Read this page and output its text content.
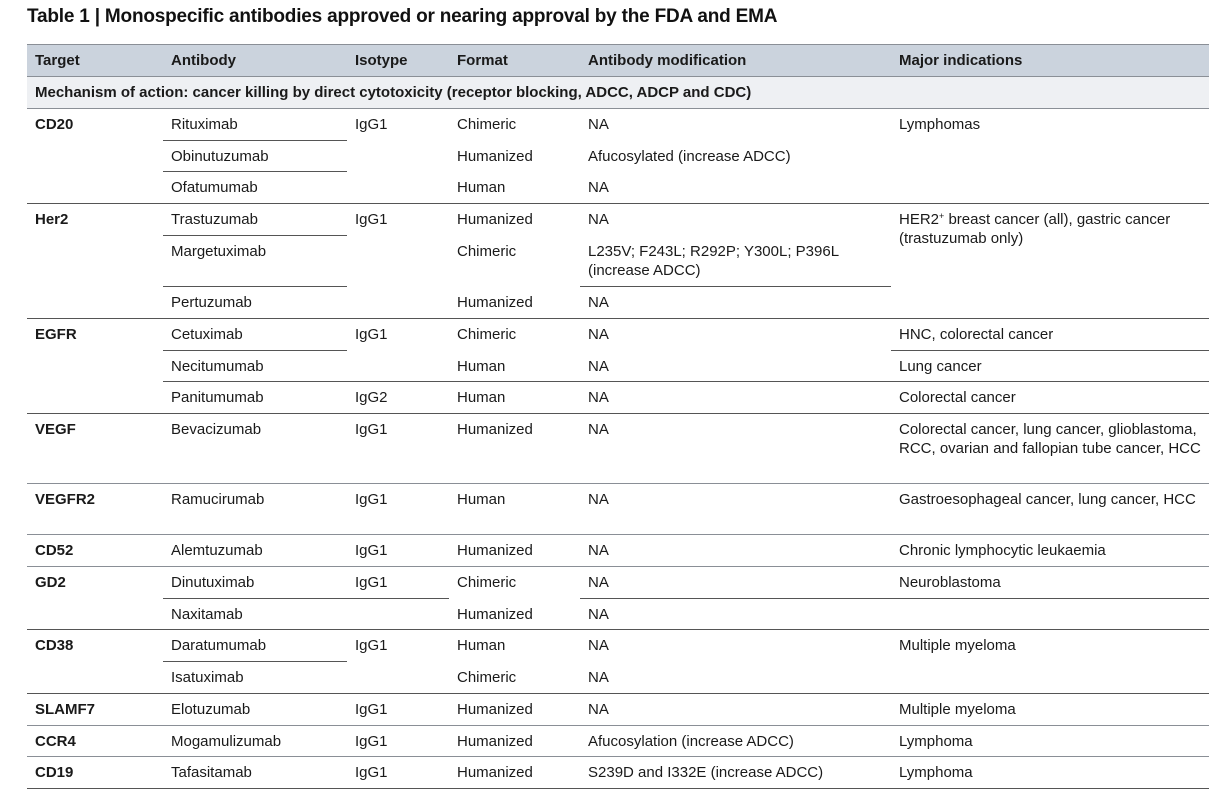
Table 1 | Monospecific antibodies approved or nearing approval by the FDA and EMA
Target	Antibody	Isotype	Format	Antibody modification	Major indications
Mechanism of action: cancer killing by direct cytotoxicity (receptor blocking, ADCC, ADCP and CDC)					
CD20	Rituximab	IgG1	Chimeric	NA	Lymphomas
	Obinutuzumab		Humanized	Afucosylated (increase ADCC)	
	Ofatumumab		Human	NA	
Her2	Trastuzumab	IgG1	Humanized	NA	HER2+ breast cancer (all), gastric cancer (trastuzumab only)
	Margetuximab		Chimeric	L235V; F243L; R292P; Y300L; P396L (increase ADCC)	
	Pertuzumab		Humanized	NA	
EGFR	Cetuximab	IgG1	Chimeric	NA	HNC, colorectal cancer
	Necitumumab		Human	NA	Lung cancer
	Panitumumab	IgG2	Human	NA	Colorectal cancer
VEGF	Bevacizumab	IgG1	Humanized	NA	Colorectal cancer, lung cancer, glioblastoma, RCC, ovarian and fallopian tube cancer, HCC
VEGFR2	Ramucirumab	IgG1	Human	NA	Gastroesophageal cancer, lung cancer, HCC
CD52	Alemtuzumab	IgG1	Humanized	NA	Chronic lymphocytic leukaemia
GD2	Dinutuximab	IgG1	Chimeric	NA	Neuroblastoma
	Naxitamab		Humanized	NA	
CD38	Daratumumab	IgG1	Human	NA	Multiple myeloma
	Isatuximab		Chimeric	NA	
SLAMF7	Elotuzumab	IgG1	Humanized	NA	Multiple myeloma
CCR4	Mogamulizumab	IgG1	Humanized	Afucosylation (increase ADCC)	Lymphoma
CD19	Tafasitamab	IgG1	Humanized	S239D and I332E (increase ADCC)	Lymphoma
